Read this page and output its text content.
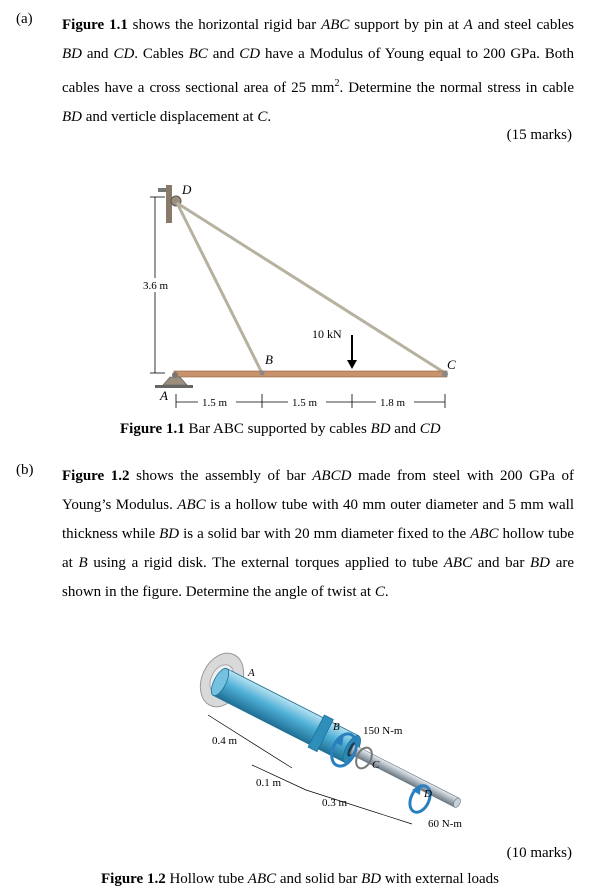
(a) Figure 1.1 shows the horizontal rigid bar ABC support by pin at A and steel cables BD and CD. Cables BC and CD have a Modulus of Young equal to 200 GPa. Both cables have a cross sectional area of 25 $mm^2$. Determine the normal stress in cable BD and verticle displacement at C.
(15 marks)
3.6 m
10 kN
D
B	C
A	1.5 m	1.5 m	1.8 m
Figure 1.1 Bar ABC supported by cables BD and CD
(b) Figure 1.2 shows the assembly of bar ABCD made from steel with 200 GPa of Young’s Modulus. ABC is a hollow tube with 40 mm outer diameter and 5 mm wall thickness while BD is a solid bar with 20 mm diameter fixed to the ABC hollow tube at B using a rigid disk. The external torques applied to tube ABC and bar BD are shown in the figure. Determine the angle of twist at C.
A
B
C
D
0.4 m
0.1 m
0.3 m
150 N-m
60 N-m
(10 marks)
Figure 1.2 Hollow tube ABC and solid bar BD with external loads
